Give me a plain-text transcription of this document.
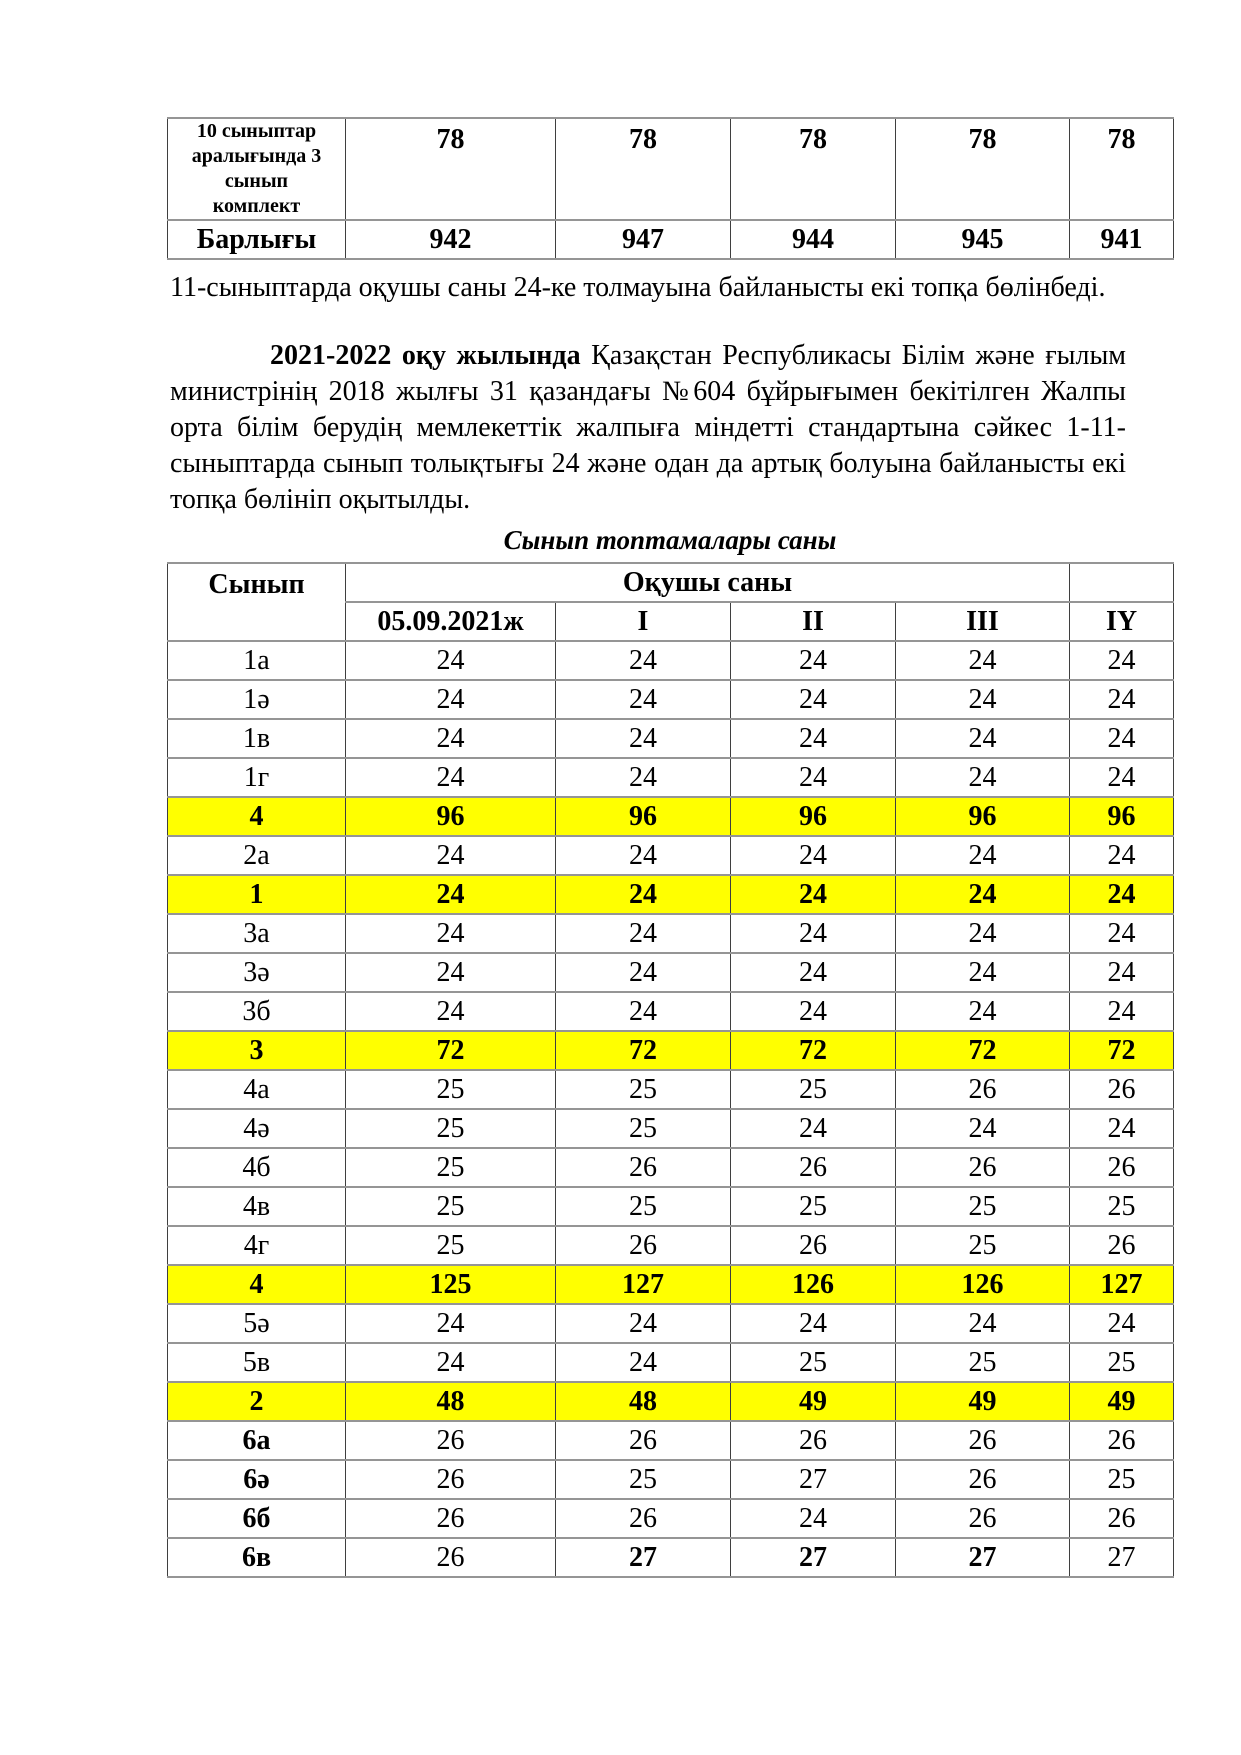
10 сыныптар аралығында 3 сынып комплект	78	78	78	78	78
Барлығы	942	947	944	945	941

11-сыныптарда оқушы саны 24-ке толмауына байланысты екі топқа бөлінбеді.

2021-2022 оқу жылында Қазақстан Республикасы Білім және ғылым министрінің 2018 жылғы 31 қазандағы №604 бұйрығымен бекітілген Жалпы орта білім берудің мемлекеттік жалпыға міндетті стандартына сәйкес 1-11-сыныптарда сынып толықтығы 24 және одан да артық болуына байланысты екі топқа бөлініп оқытылды.

Сынып топтамалары саны
Сынып	Оқушы саны				
	05.09.2021ж	I	II	III	IY
1а	24	24	24	24	24
1ә	24	24	24	24	24
1в	24	24	24	24	24
1г	24	24	24	24	24
4	96	96	96	96	96
2а	24	24	24	24	24
1	24	24	24	24	24
3а	24	24	24	24	24
3ә	24	24	24	24	24
3б	24	24	24	24	24
3	72	72	72	72	72
4а	25	25	25	26	26
4ә	25	25	24	24	24
4б	25	26	26	26	26
4в	25	25	25	25	25
4г	25	26	26	25	26
4	125	127	126	126	127
5ә	24	24	24	24	24
5в	24	24	25	25	25
2	48	48	49	49	49
6а	26	26	26	26	26
6ә	26	25	27	26	25
6б	26	26	24	26	26
6в	26	27	27	27	27
